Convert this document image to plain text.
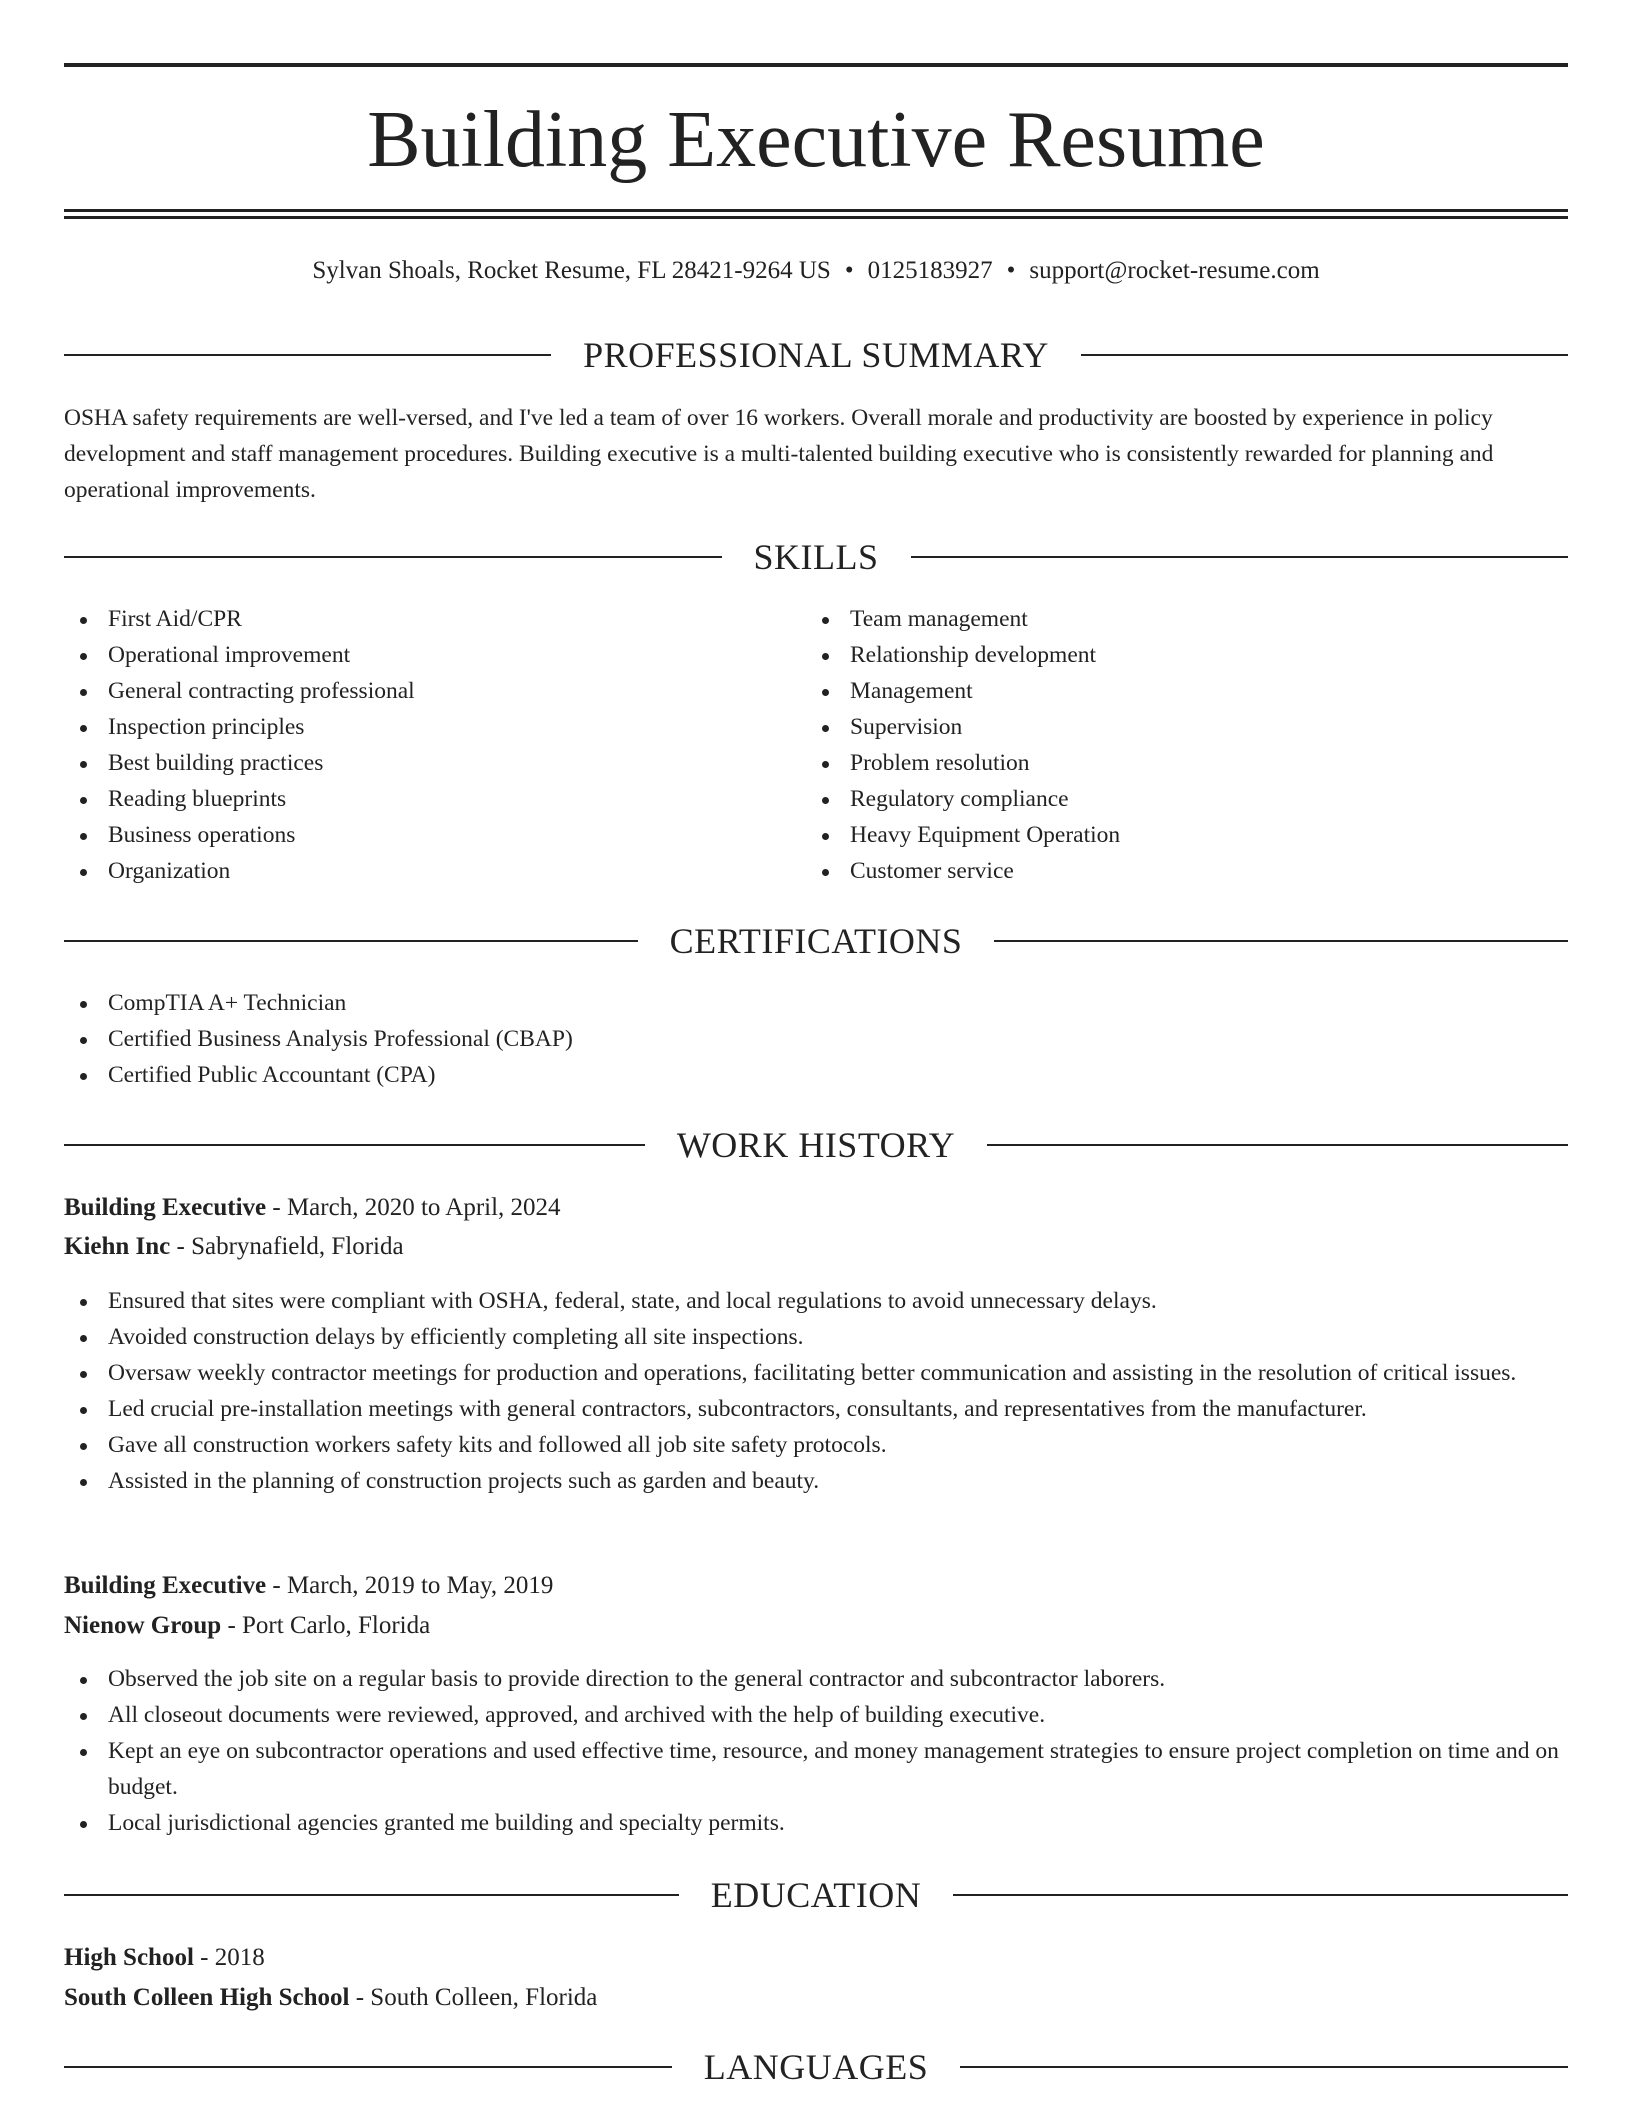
Building Executive Resume
Sylvan Shoals, Rocket Resume, FL 28421-9264 US • 0125183927 • support@rocket-resume.com
PROFESSIONAL SUMMARY

OSHA safety requirements are well-versed, and I've led a team of over 16 workers. Overall morale and productivity are boosted by experience in policy development and staff management procedures. Building executive is a multi-talented building executive who is consistently rewarded for planning and operational improvements.

SKILLS
First Aid/CPR
Operational improvement
General contracting professional
Inspection principles
Best building practices
Reading blueprints
Business operations
Organization
Team management
Relationship development
Management
Supervision
Problem resolution
Regulatory compliance
Heavy Equipment Operation
Customer service
CERTIFICATIONS
CompTIA A+ Technician
Certified Business Analysis Professional (CBAP)
Certified Public Accountant (CPA)
WORK HISTORY
Building Executive - March, 2020 to April, 2024
Kiehn Inc - Sabrynafield, Florida
Ensured that sites were compliant with OSHA, federal, state, and local regulations to avoid unnecessary delays.
Avoided construction delays by efficiently completing all site inspections.
Oversaw weekly contractor meetings for production and operations, facilitating better communication and assisting in the resolution of critical issues.
Led crucial pre-installation meetings with general contractors, subcontractors, consultants, and representatives from the manufacturer.
Gave all construction workers safety kits and followed all job site safety protocols.
Assisted in the planning of construction projects such as garden and beauty.
Building Executive - March, 2019 to May, 2019
Nienow Group - Port Carlo, Florida
Observed the job site on a regular basis to provide direction to the general contractor and subcontractor laborers.
All closeout documents were reviewed, approved, and archived with the help of building executive.
Kept an eye on subcontractor operations and used effective time, resource, and money management strategies to ensure project completion on time and on budget.
Local jurisdictional agencies granted me building and specialty permits.
EDUCATION
High School - 2018
South Colleen High School - South Colleen, Florida
LANGUAGES
